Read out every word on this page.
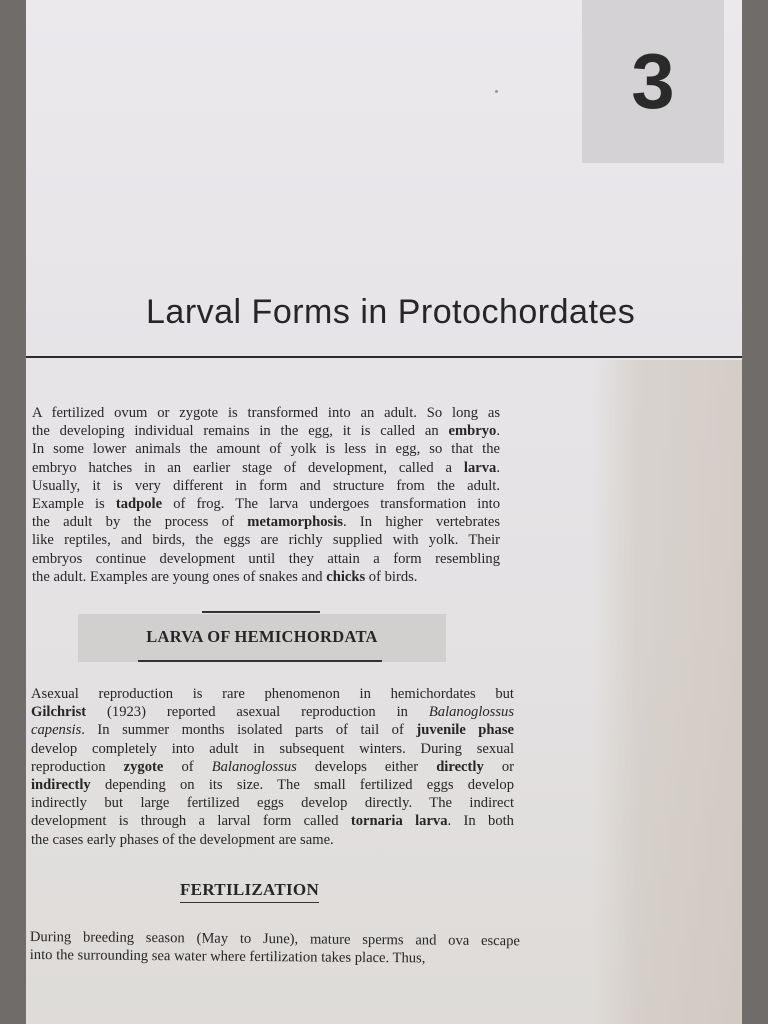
3
Larval Forms in Protochordates
A fertilized ovum or zygote is transformed into an adult. So long as
the developing individual remains in the egg, it is called an embryo.
In some lower animals the amount of yolk is less in egg, so that the
embryo hatches in an earlier stage of development, called a larva.
Usually, it is very different in form and structure from the adult.
Example is tadpole of frog. The larva undergoes transformation into
the adult by the process of metamorphosis. In higher vertebrates
like reptiles, and birds, the eggs are richly supplied with yolk. Their
embryos continue development until they attain a form resembling
the adult. Examples are young ones of snakes and chicks of birds.
LARVA OF HEMICHORDATA
Asexual reproduction is rare phenomenon in hemichordates but
Gilchrist (1923) reported asexual reproduction in Balanoglossus
capensis. In summer months isolated parts of tail of juvenile phase
develop completely into adult in subsequent winters. During sexual
reproduction zygote of Balanoglossus develops either directly or
indirectly depending on its size. The small fertilized eggs develop
indirectly but large fertilized eggs develop directly. The indirect
development is through a larval form called tornaria larva. In both
the cases early phases of the development are same.
FERTILIZATION
During breeding season (May to June), mature sperms and ova escape
into the surrounding sea water where fertilization takes place. Thus,
